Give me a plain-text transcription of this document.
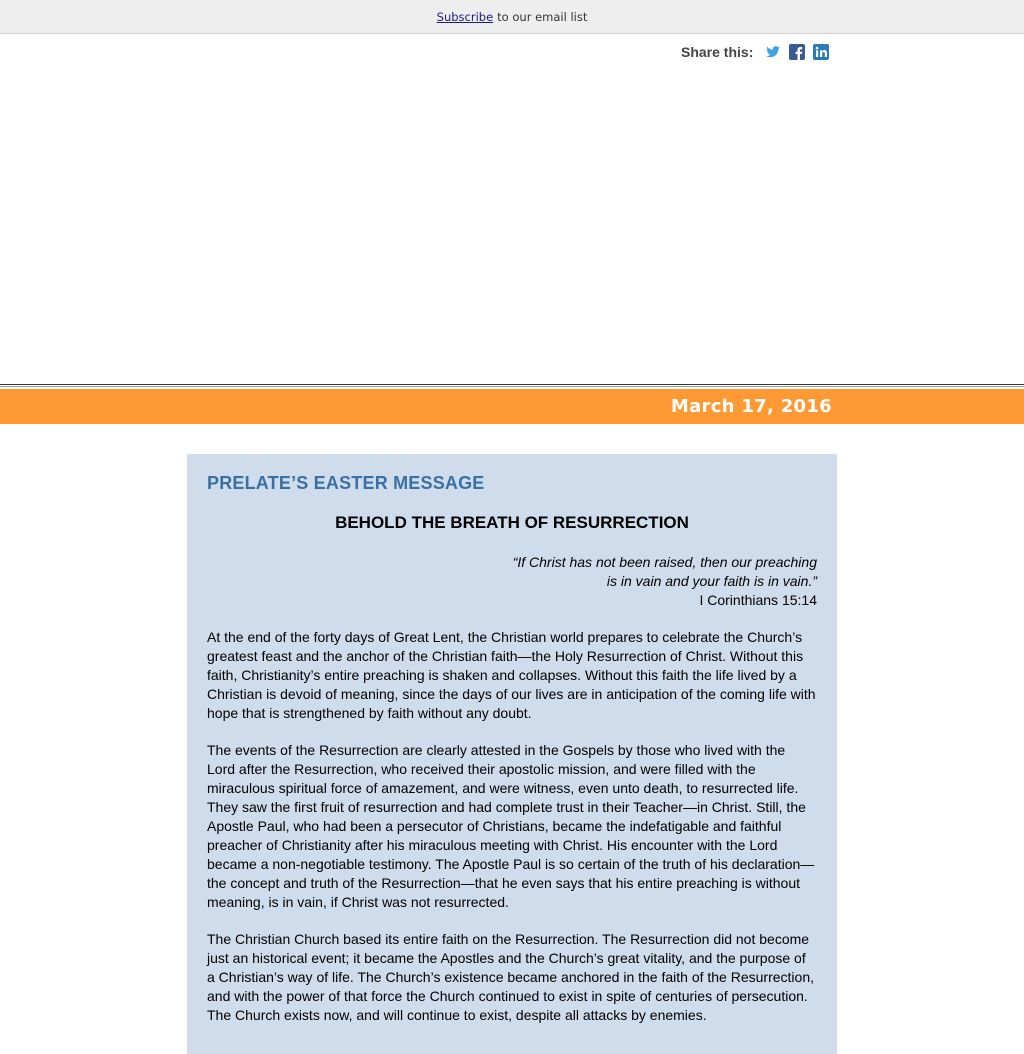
Subscribe to our email list
Share this:
March 17, 2016
PRELATE’S EASTER MESSAGE
BEHOLD THE BREATH OF RESURRECTION
“If Christ has not been raised, then our preaching
is in vain and your faith is in vain.”
I Corinthians 15:14
At the end of the forty days of Great Lent, the Christian world prepares to celebrate the Church’s greatest feast and the anchor of the Christian faith—the Holy Resurrection of Christ. Without this faith, Christianity’s entire preaching is shaken and collapses. Without this faith the life lived by a Christian is devoid of meaning, since the days of our lives are in anticipation of the coming life with hope that is strengthened by faith without any doubt.
The events of the Resurrection are clearly attested in the Gospels by those who lived with the Lord after the Resurrection, who received their apostolic mission, and were filled with the miraculous spiritual force of amazement, and were witness, even unto death, to resurrected life. They saw the first fruit of resurrection and had complete trust in their Teacher—in Christ. Still, the Apostle Paul, who had been a persecutor of Christians, became the indefatigable and faithful preacher of Christianity after his miraculous meeting with Christ. His encounter with the Lord became a non-negotiable testimony. The Apostle Paul is so certain of the truth of his declaration—the concept and truth of the Resurrection—that he even says that his entire preaching is without meaning, is in vain, if Christ was not resurrected.
The Christian Church based its entire faith on the Resurrection. The Resurrection did not become just an historical event; it became the Apostles and the Church’s great vitality, and the purpose of a Christian’s way of life. The Church’s existence became anchored in the faith of the Resurrection, and with the power of that force the Church continued to exist in spite of centuries of persecution. The Church exists now, and will continue to exist, despite all attacks by enemies.
